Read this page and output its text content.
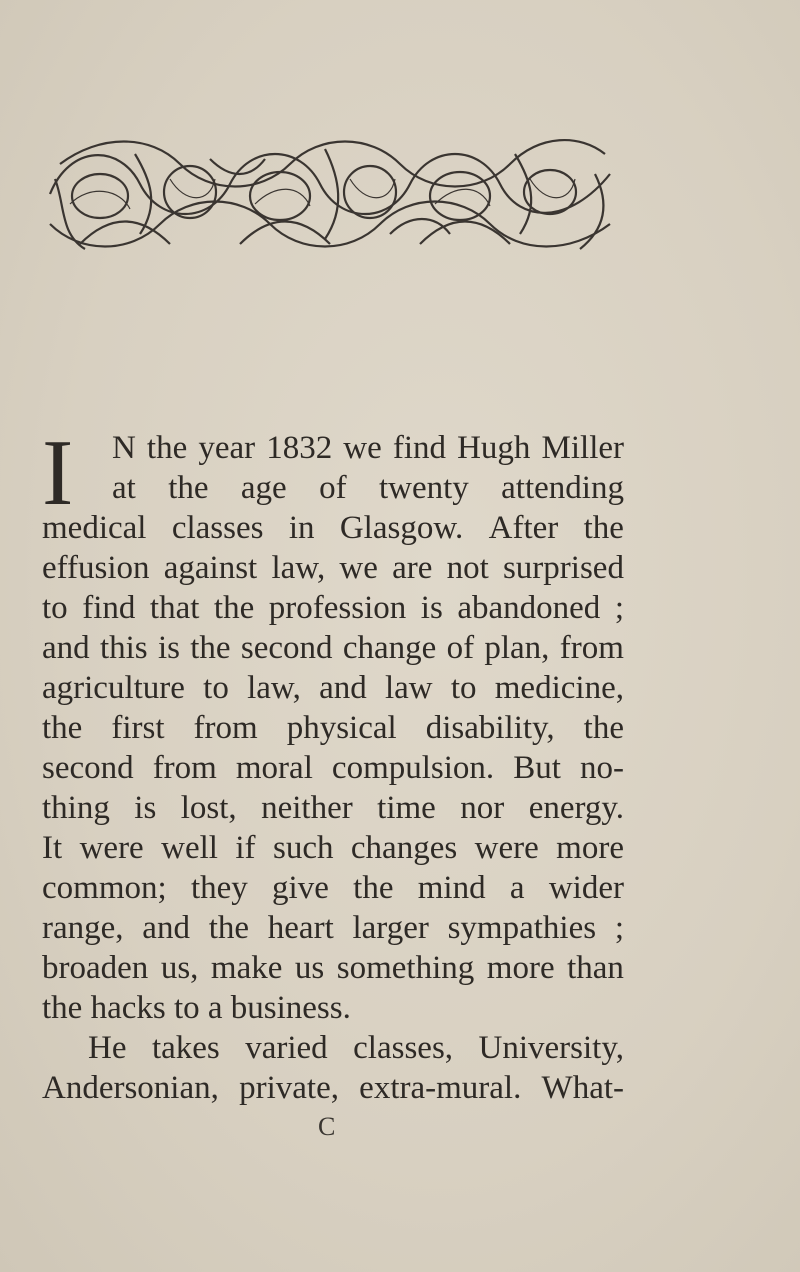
I N the year 1832 we find Hugh Miller
at the age of twenty attending
medical classes in Glasgow. After the
effusion against law, we are not surprised
to find that the profession is abandoned ;
and this is the second change of plan, from
agriculture to law, and law to medicine,
the first from physical disability, the
second from moral compulsion. But no-
thing is lost, neither time nor energy.
It were well if such changes were more
common; they give the mind a wider
range, and the heart larger sympathies ;
broaden us, make us something more than
the hacks to a business.
He takes varied classes, University,
Andersonian, private, extra-mural. What-
C
